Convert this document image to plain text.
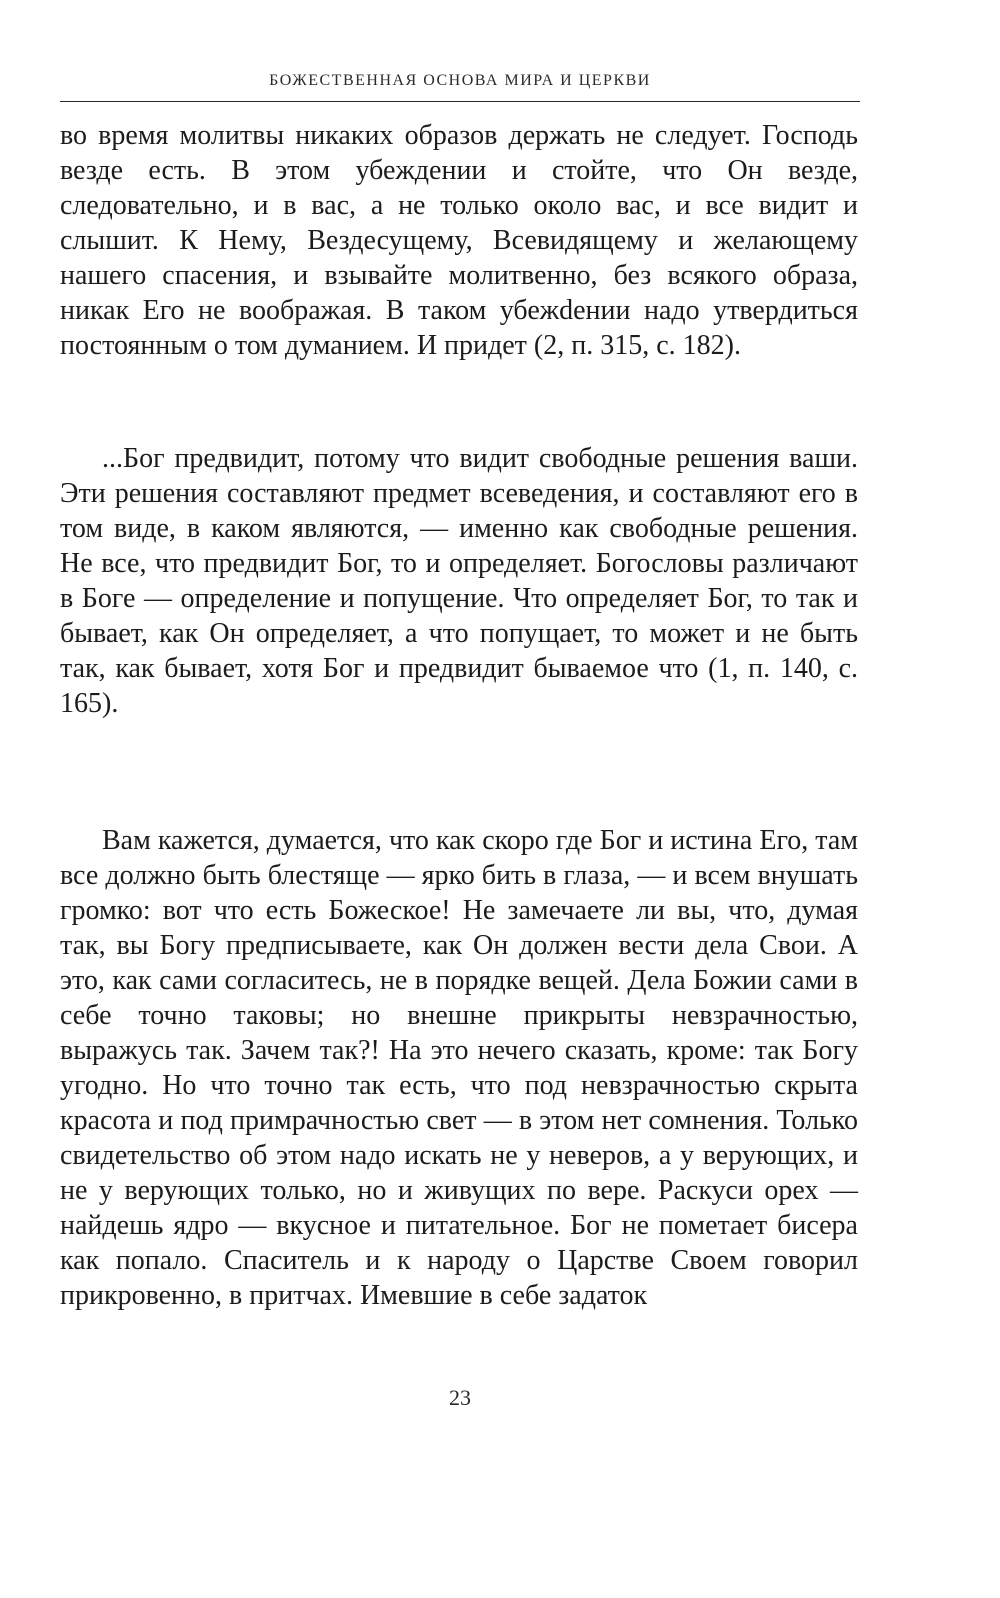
БОЖЕСТВЕННАЯ ОСНОВА МИРА И ЦЕРКВИ

во время молитвы никаких образов держать не следует. Господь везде есть. В этом убеждении и стойте, что Он везде, следовательно, и в вас, а не только около вас, и все видит и слышит. К Нему, Вездесущему, Всевидящему и желающему нашего спасения, и взывайте молитвенно, без всякого образа, никак Его не воображая. В таком убежdении надо утвердиться постоянным о том думанием. И придет (2, п. 315, с. 182).

...Бог предвидит, потому что видит свободные решения ваши. Эти решения составляют предмет всеведения, и составляют его в том виде, в каком являются, — именно как свободные решения. Не все, что предвидит Бог, то и определяет. Богословы различают в Боге — определение и попущение. Что определяет Бог, то так и бывает, как Он определяет, а что попущает, то может и не быть так, как бывает, хотя Бог и предвидит бываемое что (1, п. 140, с. 165).

Вам кажется, думается, что как скоро где Бог и истина Его, там все должно быть блестяще — ярко бить в глаза, — и всем внушать громко: вот что есть Божеское! Не замечаете ли вы, что, думая так, вы Богу предписываете, как Он должен вести дела Свои. А это, как сами согласитесь, не в порядке вещей. Дела Божии сами в себе точно таковы; но внешне прикрыты невзрачностью, выражусь так. Зачем так?! На это нечего сказать, кроме: так Богу угодно. Но что точно так есть, что под невзрачностью скрыта красота и под примрачностью свет — в этом нет сомнения. Только свидетельство об этом надо искать не у неверов, а у верующих, и не у верующих только, но и живущих по вере. Раскуси орех — найдешь ядро — вкусное и питательное. Бог не пометает бисера как попало. Спаситель и к народу о Царстве Своем говорил прикровенно, в притчах. Имевшие в себе задаток

23
